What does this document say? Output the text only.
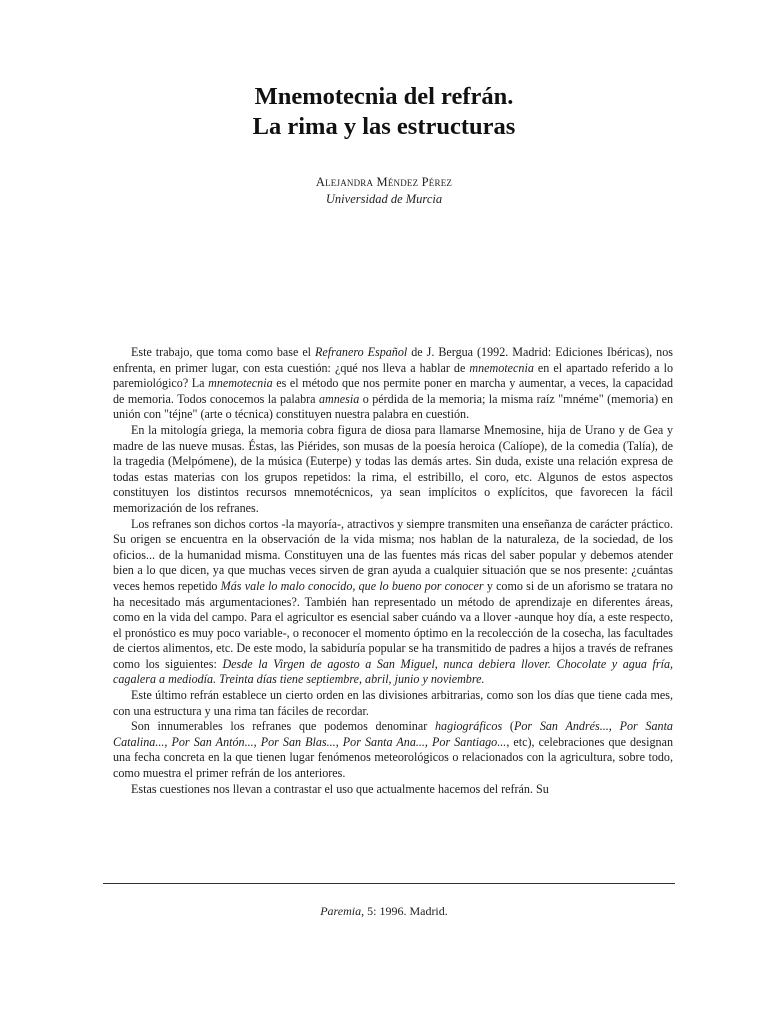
Mnemotecnia del refrán.
La rima y las estructuras
Alejandra Méndez Pérez
Universidad de Murcia

Este trabajo, que toma como base el Refranero Español de J. Bergua (1992. Madrid: Ediciones Ibéricas), nos enfrenta, en primer lugar, con esta cuestión: ¿qué nos lleva a hablar de mnemotecnia en el apartado referido a lo paremiológico? La mnemotecnia es el método que nos permite poner en marcha y aumentar, a veces, la capacidad de memoria. Todos conocemos la palabra amnesia o pérdida de la memoria; la misma raíz "mnéme" (memoria) en unión con "téjne" (arte o técnica) constituyen nuestra palabra en cuestión.

En la mitología griega, la memoria cobra figura de diosa para llamarse Mnemosine, hija de Urano y de Gea y madre de las nueve musas. Éstas, las Piérides, son musas de la poesía heroica (Calíope), de la comedia (Talía), de la tragedia (Melpómene), de la música (Euterpe) y todas las demás artes. Sin duda, existe una relación expresa de todas estas materias con los grupos repetidos: la rima, el estribillo, el coro, etc. Algunos de estos aspectos constituyen los distintos recursos mnemotécnicos, ya sean implícitos o explícitos, que favorecen la fácil memorización de los refranes.

Los refranes son dichos cortos -la mayoría-, atractivos y siempre transmiten una enseñanza de carácter práctico. Su origen se encuentra en la observación de la vida misma; nos hablan de la naturaleza, de la sociedad, de los oficios... de la humanidad misma. Constituyen una de las fuentes más ricas del saber popular y debemos atender bien a lo que dicen, ya que muchas veces sirven de gran ayuda a cualquier situación que se nos presente: ¿cuántas veces hemos repetido Más vale lo malo conocido, que lo bueno por conocer y como si de un aforismo se tratara no ha necesitado más argumentaciones?. También han representado un método de aprendizaje en diferentes áreas, como en la vida del campo. Para el agricultor es esencial saber cuándo va a llover -aunque hoy día, a este respecto, el pronóstico es muy poco variable-, o reconocer el momento óptimo en la recolección de la cosecha, las facultades de ciertos alimentos, etc. De este modo, la sabiduría popular se ha transmitido de padres a hijos a través de refranes como los siguientes: Desde la Virgen de agosto a San Miguel, nunca debiera llover. Chocolate y agua fría, cagalera a mediodía. Treinta días tiene septiembre, abril, junio y noviembre.

Este último refrán establece un cierto orden en las divisiones arbitrarias, como son los días que tiene cada mes, con una estructura y una rima tan fáciles de recordar.

Son innumerables los refranes que podemos denominar hagiográficos (Por San Andrés..., Por Santa Catalina..., Por San Antón..., Por San Blas..., Por Santa Ana..., Por Santiago..., etc), celebraciones que designan una fecha concreta en la que tienen lugar fenómenos meteorológicos o relacionados con la agricultura, sobre todo, como muestra el primer refrán de los anteriores.

Estas cuestiones nos llevan a contrastar el uso que actualmente hacemos del refrán. Su

Paremia, 5: 1996. Madrid.
